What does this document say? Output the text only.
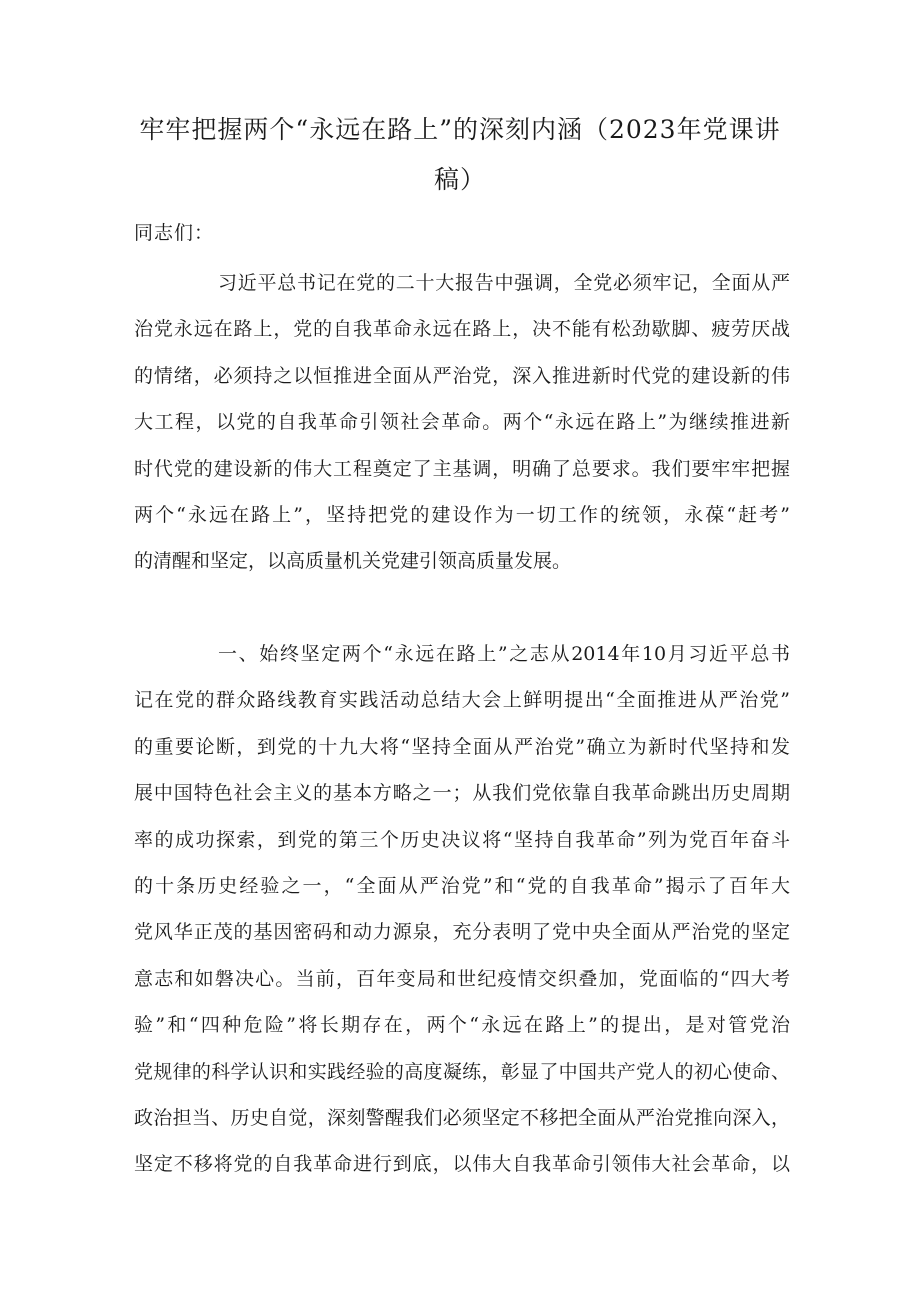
牢牢把握两个“永远在路上”的深刻内涵（2023年党课讲
稿）
同志们：
习近平总书记在党的二十大报告中强调，全党必须牢记，全面从严
治党永远在路上，党的自我革命永远在路上，决不能有松劲歇脚、疲劳厌战
的情绪，必须持之以恒推进全面从严治党，深入推进新时代党的建设新的伟
大工程，以党的自我革命引领社会革命。两个“永远在路上”为继续推进新
时代党的建设新的伟大工程奠定了主基调，明确了总要求。我们要牢牢把握
两个“永远在路上”，坚持把党的建设作为一切工作的统领，永葆“赶考”
的清醒和坚定，以高质量机关党建引领高质量发展。
一、始终坚定两个“永远在路上”之志从2014年10月习近平总书
记在党的群众路线教育实践活动总结大会上鲜明提出“全面推进从严治党”
的重要论断，到党的十九大将“坚持全面从严治党”确立为新时代坚持和发
展中国特色社会主义的基本方略之一；从我们党依靠自我革命跳出历史周期
率的成功探索，到党的第三个历史决议将“坚持自我革命”列为党百年奋斗
的十条历史经验之一，“全面从严治党”和“党的自我革命”揭示了百年大
党风华正茂的基因密码和动力源泉，充分表明了党中央全面从严治党的坚定
意志和如磐决心。当前，百年变局和世纪疫情交织叠加，党面临的“四大考
验”和“四种危险”将长期存在，两个“永远在路上”的提出，是对管党治
党规律的科学认识和实践经验的高度凝练，彰显了中国共产党人的初心使命、
政治担当、历史自觉，深刻警醒我们必须坚定不移把全面从严治党推向深入，
坚定不移将党的自我革命进行到底，以伟大自我革命引领伟大社会革命，以
